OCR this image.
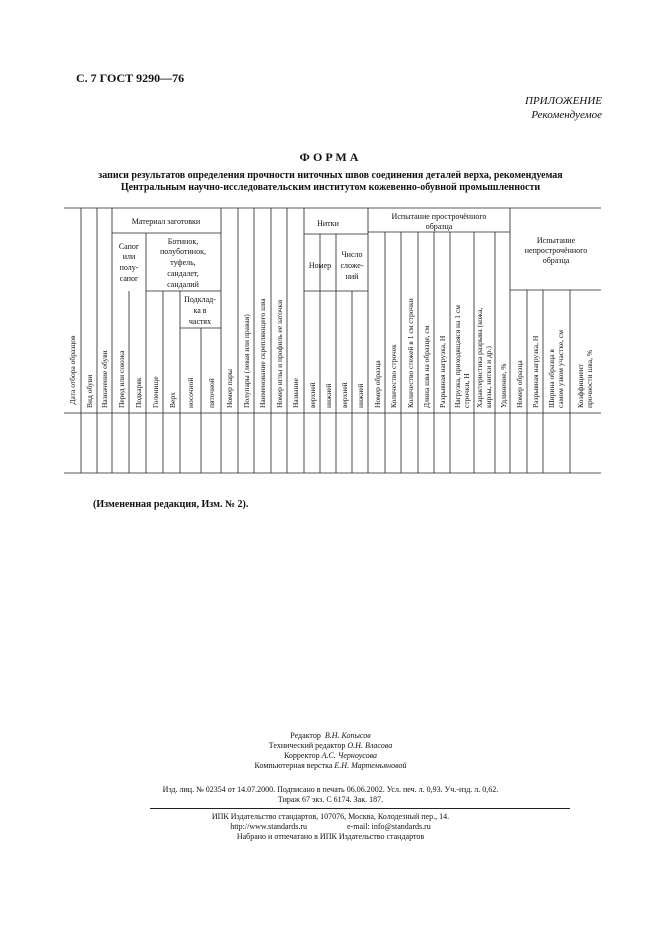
С. 7 ГОСТ 9290—76
ПРИЛОЖЕНИЕ
Рекомендуемое
ФОРМА
записи результатов определения прочности ниточных швов соединения деталей верха, рекомендуемая
Центральным научно-исследовательским институтом кожевенно-обувной промышленности
Материал заготовки	Нитки
Испытание прострочённого
образца
Испытание
непрострочённого
образца
Сапог
или
полу-
сапог
Ботинок,
полуботинок,
туфель,
сандалет,
сандалий
Подклад-
ка в
частях
Номер
Число
сложе-
ний
Дата отбора образцов Вид обуви Назначение обуви Перед или союзка Подкаряк Голенище Верх носочной пяточной Номер пары Полупары (левая или правая) Наименование скрепляющего шва Номер иглы и профиль ее заточки Название верхней нижней верхней нижней Номер образца Количество строчек Количество стежей в 1 см строчки Длина шва на образце, см Разрывная нагрузка, Н Нагрузка, приходящаяся на 1 см строчки, Н Характеристика разрыва (кожа, кирзы, нитки и др.) Удлинение, % Номер образца Разрывная нагрузка, Н Ширина образца в самом узком участке, см Коэффициент прочности шва, %
(Измененная редакция, Изм. № 2).
Редактор В.Н. Копысов
Технический редактор О.Н. Власова
Корректор А.С. Черноусова
Компьютерная верстка Е.Н. Мартемьяновой
Изд. лиц. № 02354 от 14.07.2000. Подписано в печать 06.06.2002. Усл. печ. л. 0,93. Уч.-изд. л. 0,62.
Тираж 67 экз. С 6174. Зак. 187.
ИПК Издательство стандартов, 107076, Москва, Колодезный пер., 14.
http://www.standards.ru                    e-mail: info@standards.ru
Набрано и отпечатано в ИПК Издательство стандартов
